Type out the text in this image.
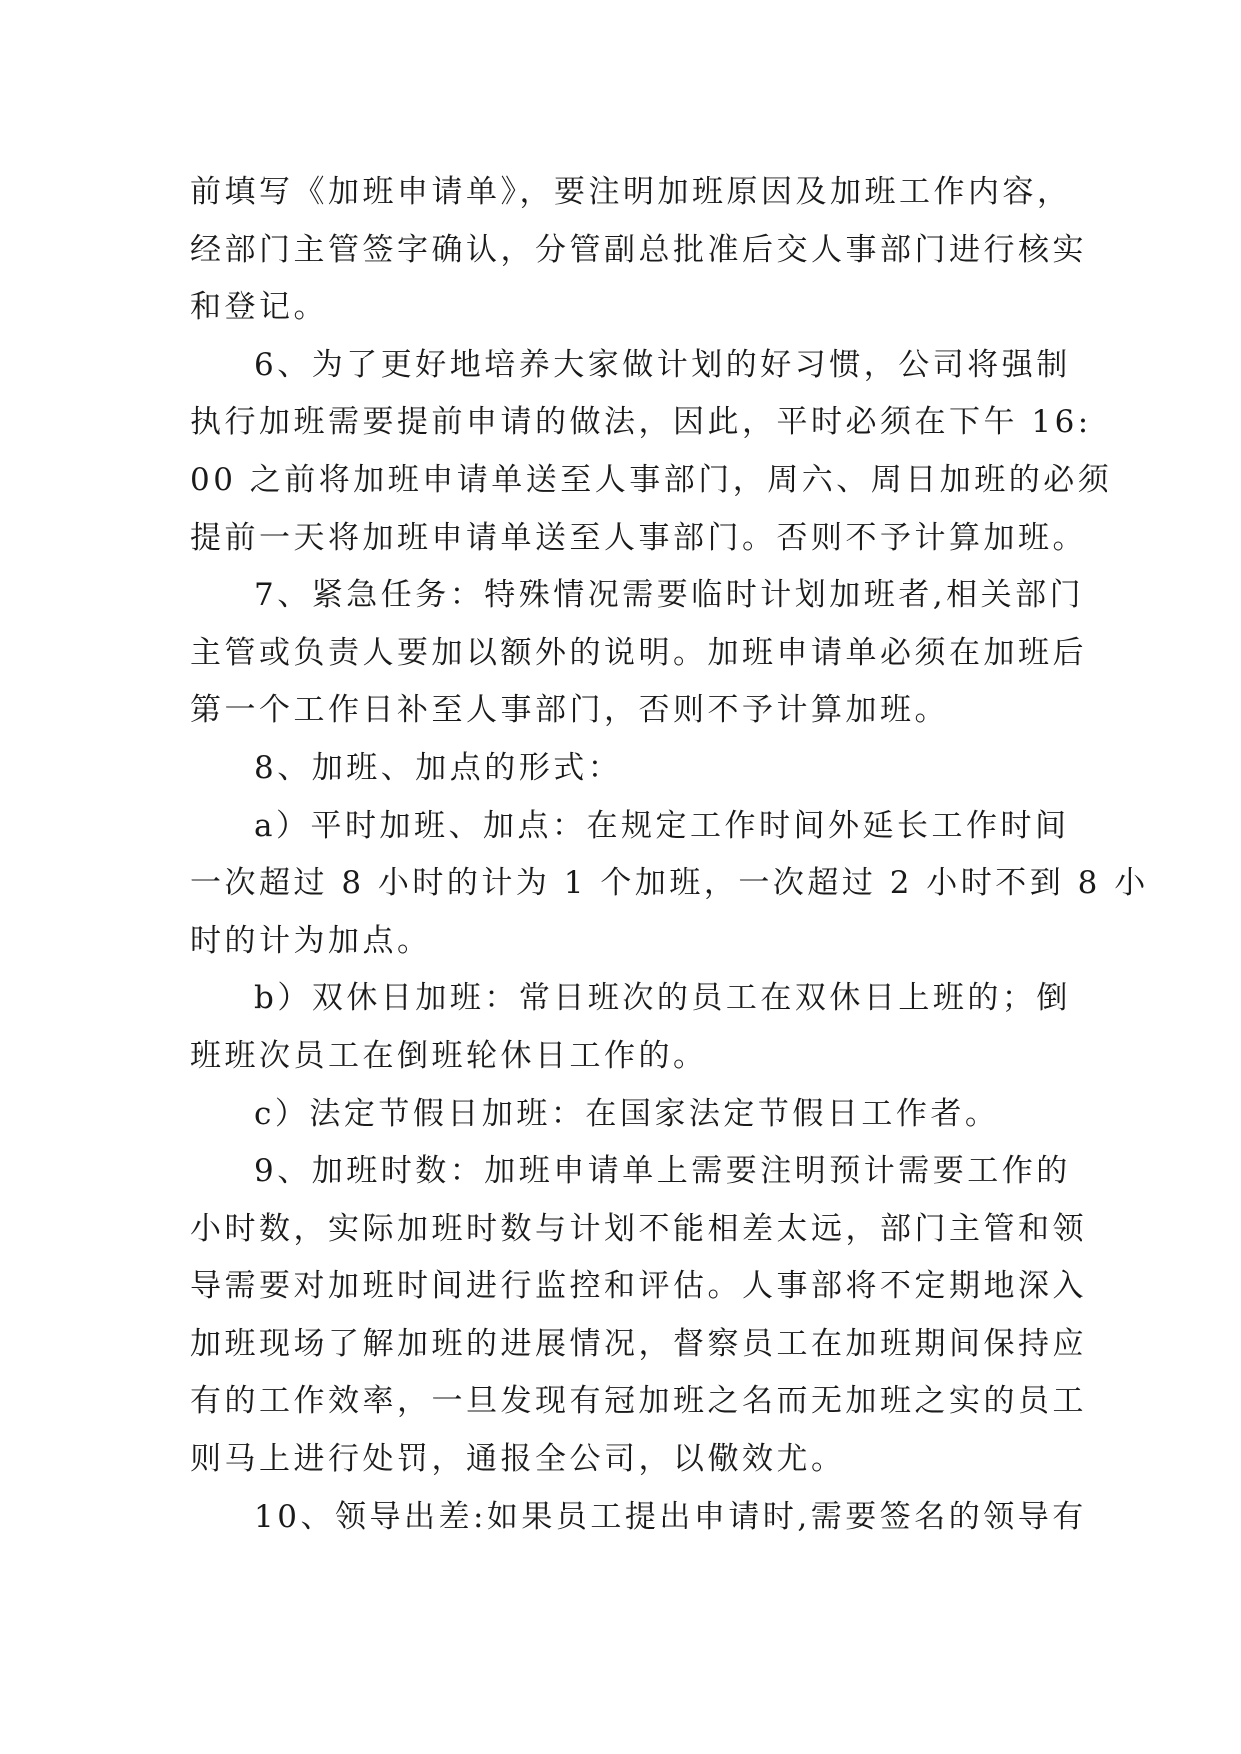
前填写《加班申请单》，要注明加班原因及加班工作内容，
经部门主管签字确认，分管副总批准后交人事部门进行核实
和登记。
6、为了更好地培养大家做计划的好习惯，公司将强制
执行加班需要提前申请的做法，因此，平时必须在下午 16:
00 之前将加班申请单送至人事部门，周六、周日加班的必须
提前一天将加班申请单送至人事部门。否则不予计算加班。
7、紧急任务：特殊情况需要临时计划加班者,相关部门
主管或负责人要加以额外的说明。加班申请单必须在加班后
第一个工作日补至人事部门，否则不予计算加班。
8、加班、加点的形式：
a）平时加班、加点：在规定工作时间外延长工作时间
一次超过 8 小时的计为 1 个加班，一次超过 2 小时不到 8 小
时的计为加点。
b）双休日加班：常日班次的员工在双休日上班的；倒
班班次员工在倒班轮休日工作的。
c）法定节假日加班：在国家法定节假日工作者。
9、加班时数：加班申请单上需要注明预计需要工作的
小时数，实际加班时数与计划不能相差太远，部门主管和领
导需要对加班时间进行监控和评估。人事部将不定期地深入
加班现场了解加班的进展情况，督察员工在加班期间保持应
有的工作效率，一旦发现有冠加班之名而无加班之实的员工
则马上进行处罚，通报全公司，以儆效尤。
10、领导出差:如果员工提出申请时,需要签名的领导有
